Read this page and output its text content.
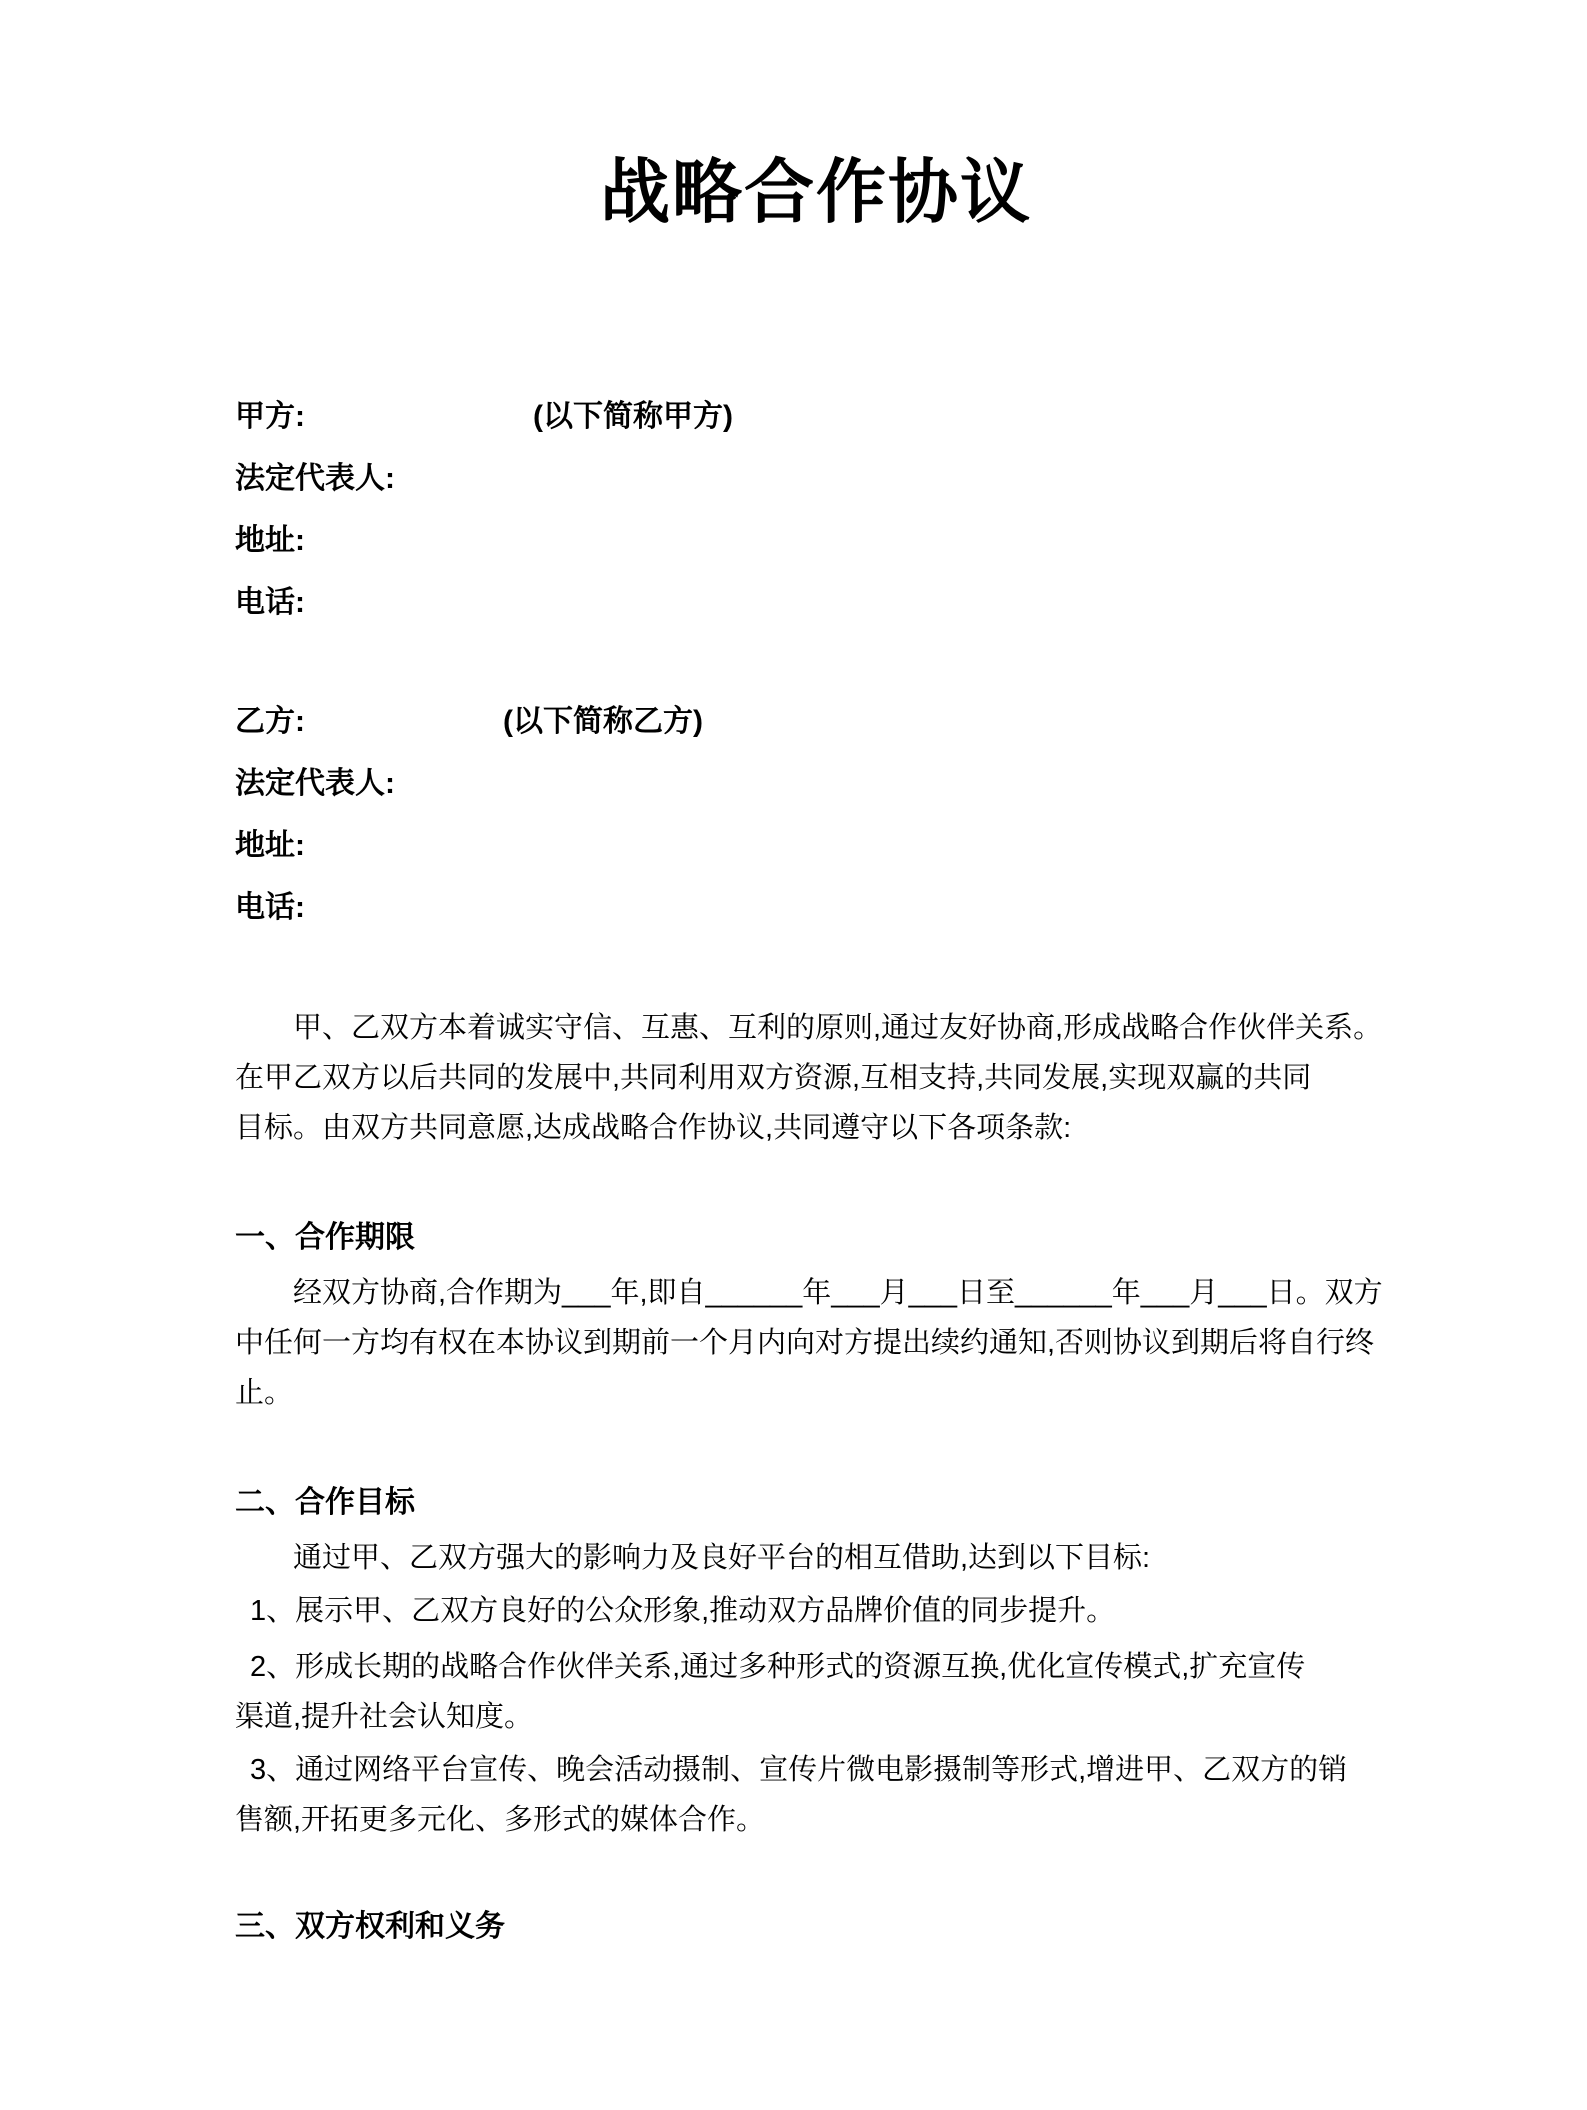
战略合作协议
甲方:	(以下简称甲方)
法定代表人:
地址:
电话:
乙方:	(以下简称乙方)
法定代表人:
地址:
电话:
甲、乙双方本着诚实守信、互惠、互利的原则,通过友好协商,形成战略合作伙伴关系。
在甲乙双方以后共同的发展中,共同利用双方资源,互相支持,共同发展,实现双赢的共同
目标。由双方共同意愿,达成战略合作协议,共同遵守以下各项条款:
一、合作期限
经双方协商,合作期为___年,即自______年___月___日至______年___月___日。双方
中任何一方均有权在本协议到期前一个月内向对方提出续约通知,否则协议到期后将自行终
止。
二、合作目标
通过甲、乙双方强大的影响力及良好平台的相互借助,达到以下目标:
1、展示甲、乙双方良好的公众形象,推动双方品牌价值的同步提升。
2、形成长期的战略合作伙伴关系,通过多种形式的资源互换,优化宣传模式,扩充宣传
渠道,提升社会认知度。
3、通过网络平台宣传、晚会活动摄制、宣传片微电影摄制等形式,增进甲、乙双方的销
售额,开拓更多元化、多形式的媒体合作。
三、双方权利和义务
